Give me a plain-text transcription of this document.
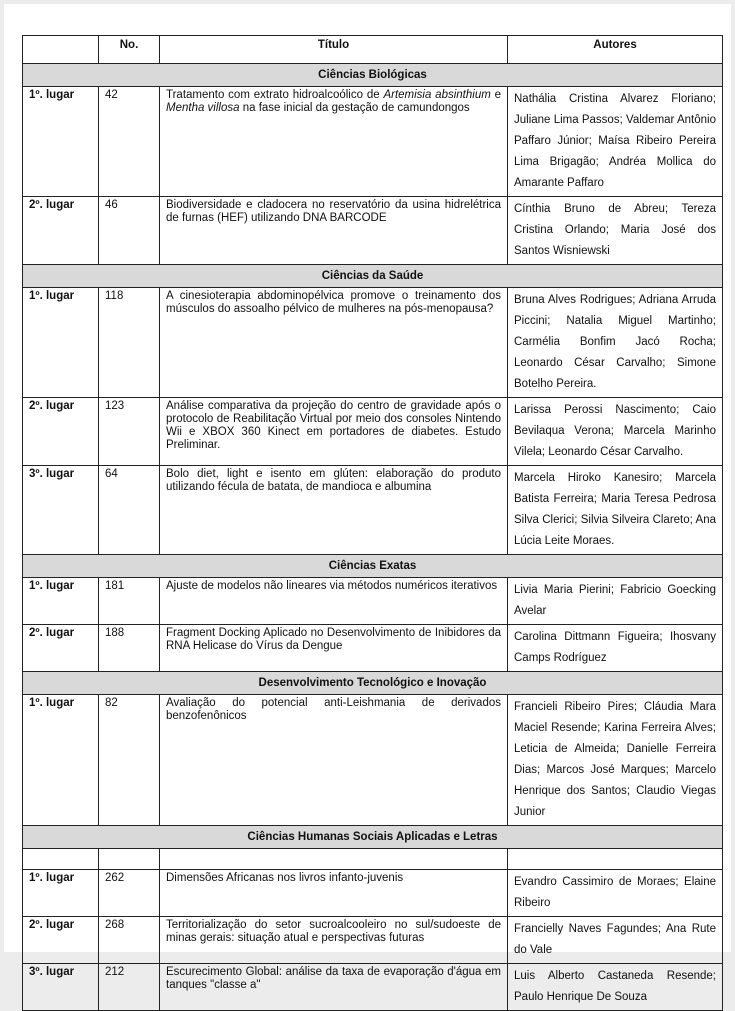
	No.	Título	Autores
Ciências Biológicas			
1º. lugar	42	Tratamento com extrato hidroalcoólico de Artemisia absinthium e Mentha villosa na fase inicial da gestação de camundongos	Nathália Cristina Alvarez Floriano; Juliane Lima Passos; Valdemar Antônio Paffaro Júnior; Maísa Ribeiro Pereira Lima Brigagão; Andréa Mollica do Amarante Paffaro
2º. lugar	46	Biodiversidade e cladocera no reservatório da usina hidrelétrica de furnas (HEF) utilizando DNA BARCODE	Cínthia Bruno de Abreu; Tereza Cristina Orlando; Maria José dos Santos Wisniewski
Ciências da Saúde			
1º. lugar	118	A cinesioterapia abdominopélvica promove o treinamento dos músculos do assoalho pélvico de mulheres na pós-menopausa?	Bruna Alves Rodrigues; Adriana Arruda Piccini; Natalia Miguel Martinho; Carmélia Bonfim Jacó Rocha; Leonardo César Carvalho; Simone Botelho Pereira.
2º. lugar	123	Análise comparativa da projeção do centro de gravidade após o protocolo de Reabilitação Virtual por meio dos consoles Nintendo Wii e XBOX 360 Kinect em portadores de diabetes. Estudo Preliminar.	Larissa Perossi Nascimento; Caio Bevilaqua Verona; Marcela Marinho Vilela; Leonardo César Carvalho.
3º. lugar	64	Bolo diet, light e isento em glúten: elaboração do produto utilizando fécula de batata, de mandioca e albumina	Marcela Hiroko Kanesiro; Marcela Batista Ferreira; Maria Teresa Pedrosa Silva Clerici; Silvia Silveira Clareto; Ana Lúcia Leite Moraes.
Ciências Exatas			
1º. lugar	181	Ajuste de modelos não lineares via métodos numéricos iterativos	Livia Maria Pierini; Fabricio Goecking Avelar
2º. lugar	188	Fragment Docking Aplicado no Desenvolvimento de Inibidores da RNA Helicase do Vírus da Dengue	Carolina Dittmann Figueira; Ihosvany Camps Rodríguez
Desenvolvimento Tecnológico e Inovação			
1º. lugar	82	Avaliação do potencial anti-Leishmania de derivados benzofenônicos	Francieli Ribeiro Pires; Cláudia Mara Maciel Resende; Karina Ferreira Alves; Leticia de Almeida; Danielle Ferreira Dias; Marcos José Marques; Marcelo Henrique dos Santos; Claudio Viegas Junior
Ciências Humanas Sociais Aplicadas e Letras			

1º. lugar	262	Dimensões Africanas nos livros infanto-juvenis	Evandro Cassimiro de Moraes; Elaine Ribeiro
2º. lugar	268	Territorialização do setor sucroalcooleiro no sul/sudoeste de minas gerais: situação atual e perspectivas futuras	Francielly Naves Fagundes; Ana Rute do Vale
3º. lugar	212	Escurecimento Global: análise da taxa de evaporação d'água em tanques "classe a"	Luis Alberto Castaneda Resende; Paulo Henrique De Souza
